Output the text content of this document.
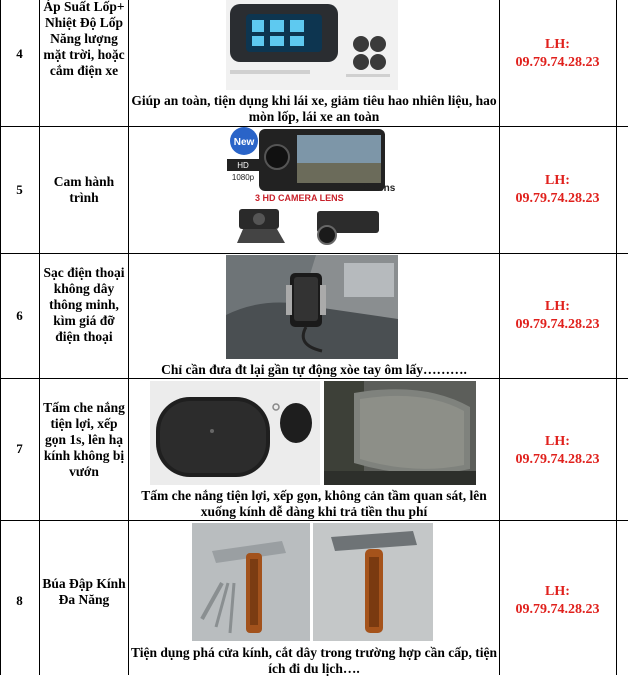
4
Áp Suất Lốp+ Nhiệt Độ Lốp Năng lượng mặt trời, hoặc cắm điện xe
Giúp an toàn, tiện dụng khi lái xe, giảm tiêu hao nhiên liệu, hao mòn lốp, lái xe an toàn
LH:
09.79.74.28.23
5
Cam hành trình
New
HD
1080p
FullHD Lens
3 HD CAMERA LENS
LH:
09.79.74.28.23
6
Sạc điện thoại không dây thông minh, kìm giá đỡ điện thoại
Chỉ cần đưa đt lại gần tự động xòe tay ôm lấy……….
LH:
09.79.74.28.23
7
Tấm che nắng tiện lợi, xếp gọn 1s, lên hạ kính không bị vướn
Tấm che nắng tiện lợi, xếp gọn, không cản tầm quan sát, lên xuống kính dễ dàng khi trả tiền thu phí
LH:
09.79.74.28.23
8
Búa Đập Kính Đa Năng
Tiện dụng phá cửa kính, cắt dây trong trường hợp cần cấp, tiện ích đi du lịch….
LH:
09.79.74.28.23
